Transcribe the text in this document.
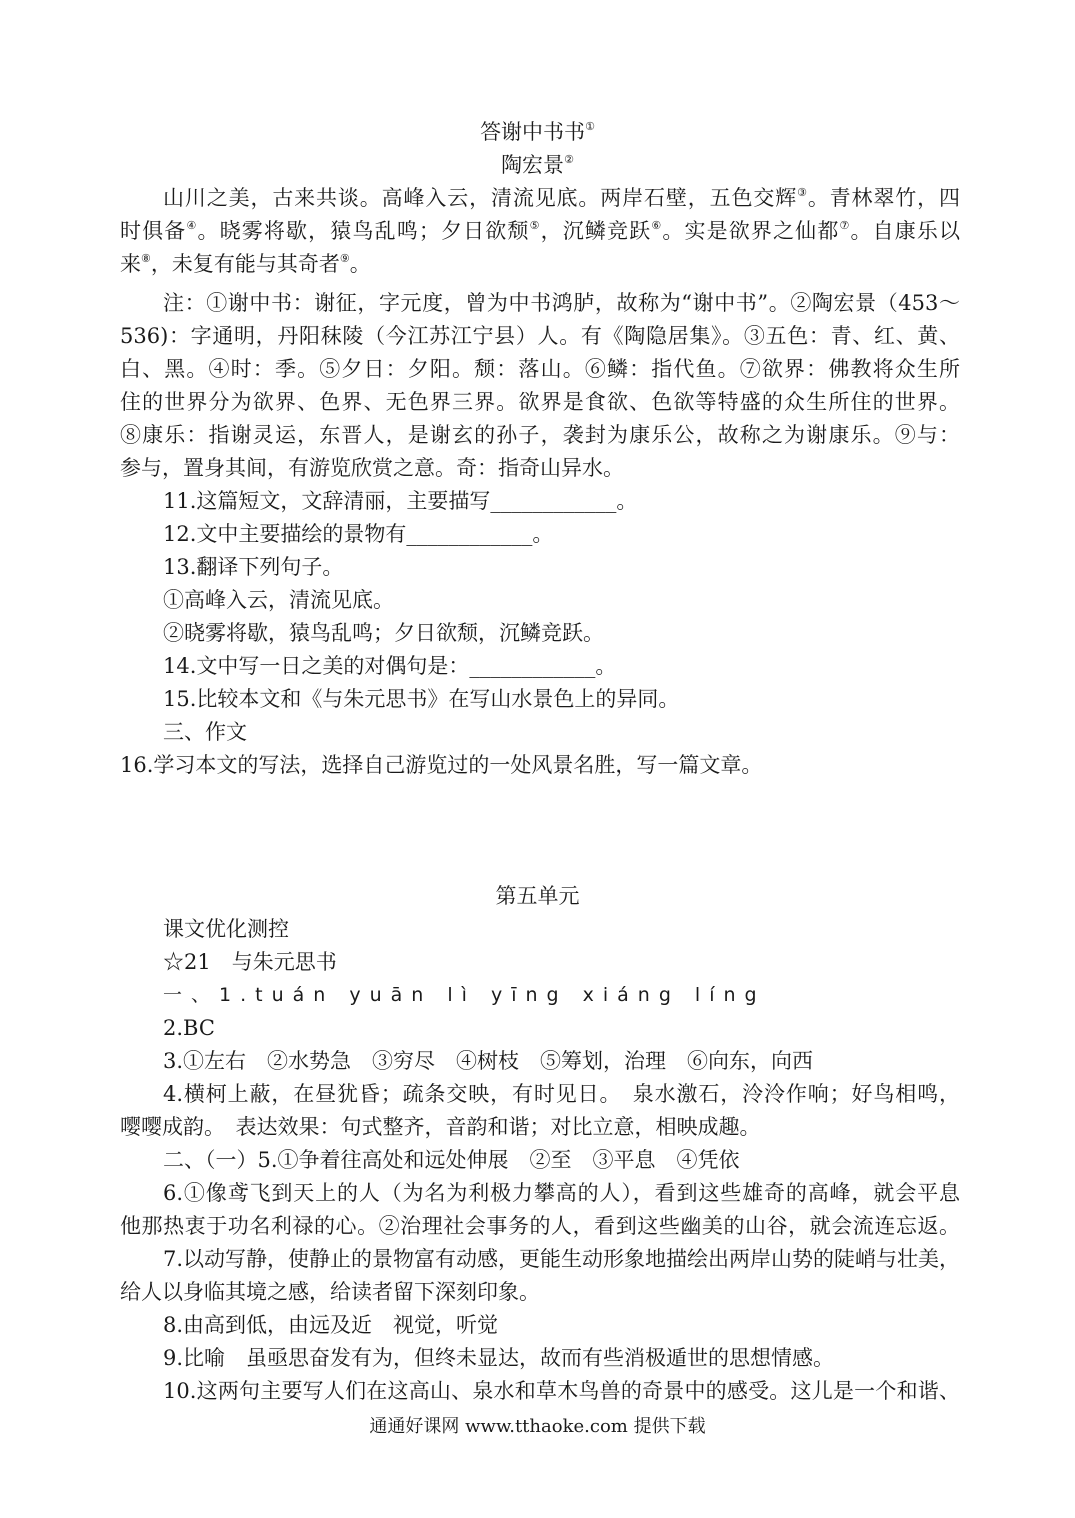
答谢中书书①
陶宏景②
山川之美，古来共谈。高峰入云，清流见底。两岸石壁，五色交辉③。青林翠竹，四
时俱备④。晓雾将歇，猿鸟乱鸣；夕日欲颓⑤，沉鳞竞跃⑥。实是欲界之仙都⑦。自康乐以
来⑧，未复有能与其奇者⑨。
注：①谢中书：谢征，字元度，曾为中书鸿胪，故称为“谢中书”。②陶宏景（453～
536)：字通明，丹阳秣陵（今江苏江宁县）人。有《陶隐居集》。③五色：青、红、黄、
白、黑。④时：季。⑤夕日：夕阳。颓：落山。⑥鳞：指代鱼。⑦欲界：佛教将众生所
住的世界分为欲界、色界、无色界三界。欲界是食欲、色欲等特盛的众生所住的世界。
⑧康乐：指谢灵运，东晋人，是谢玄的孙子，袭封为康乐公，故称之为谢康乐。⑨与：
参与，置身其间，有游览欣赏之意。奇：指奇山异水。
11.这篇短文，文辞清丽，主要描写____________。
12.文中主要描绘的景物有____________。
13.翻译下列句子。
①高峰入云，清流见底。
②晓雾将歇，猿鸟乱鸣；夕日欲颓，沉鳞竞跃。
14.文中写一日之美的对偶句是：____________。
15.比较本文和《与朱元思书》在写山水景色上的异同。
三、作文
16.学习本文的写法，选择自己游览过的一处风景名胜，写一篇文章。
第五单元
课文优化测控
☆21　与朱元思书
一、1.tuán yuān lì yīng xiáng líng
2.BC
3.①左右　②水势急　③穷尽　④树枝　⑤筹划，治理　⑥向东，向西
4.横柯上蔽，在昼犹昏；疏条交映，有时见日。　泉水激石，泠泠作响；好鸟相鸣，
嘤嘤成韵。　表达效果：句式整齐，音韵和谐；对比立意，相映成趣。
二、（一）5.①争着往高处和远处伸展　②至　③平息　④凭依
6.①像鸢飞到天上的人（为名为利极力攀高的人），看到这些雄奇的高峰，就会平息
他那热衷于功名利禄的心。②治理社会事务的人，看到这些幽美的山谷，就会流连忘返。
7.以动写静，使静止的景物富有动感，更能生动形象地描绘出两岸山势的陡峭与壮美，
给人以身临其境之感，给读者留下深刻印象。
8.由高到低，由远及近　视觉，听觉
9.比喻　虽亟思奋发有为，但终未显达，故而有些消极遁世的思想情感。
10.这两句主要写人们在这高山、泉水和草木鸟兽的奇景中的感受。这儿是一个和谐、
通通好课网 www.tthaoke.com 提供下载
